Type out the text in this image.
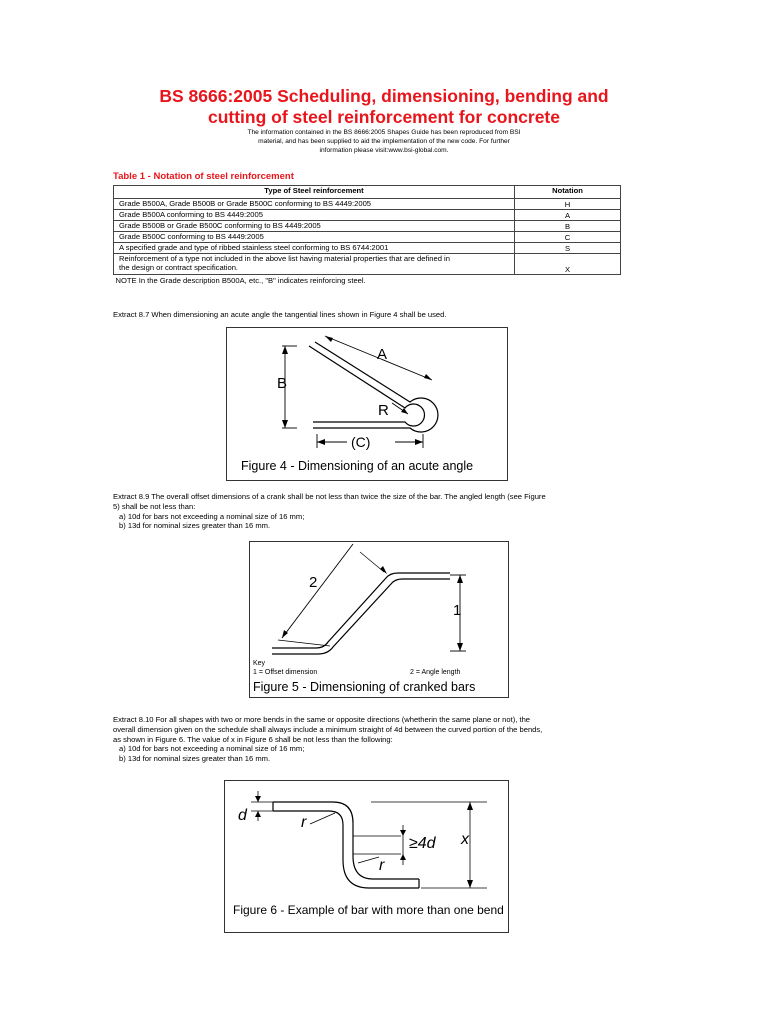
BS 8666:2005 Scheduling, dimensioning, bending and
cutting of steel reinforcement for concrete
The information contained in the BS 8666:2005 Shapes Guide has been reproduced from BSI
material, and has been supplied to aid the implementation of the new code. For further
information please visit:www.bsi-global.com.
Table 1 - Notation of steel reinforcement
Type of Steel reinforcement	Notation
Grade B500A, Grade B500B or Grade B500C conforming to BS 4449:2005	H
Grade B500A conforming to BS 4449:2005	A
Grade B500B or Grade B500C conforming to BS 4449:2005	B
Grade B500C conforming to BS 4449:2005	C
A specified grade and type of ribbed stainless steel conforming to BS 6744:2001	S

Reinforcement of a type not included in the above list having material properties that are defined in
the design or contract specification.	X
NOTE In the Grade description B500A, etc., "B" indicates reinforcing steel.	
Extract 8.7 When dimensioning an acute angle the tangential lines shown in Figure 4 shall be used.
A
B
R
(C)
Figure 4 - Dimensioning of an acute angle
Extract 8.9 The overall offset dimensions of a crank shall be not less than twice the size of the bar. The angled length (see Figure
5) shall be not less than:
a) 10d for bars not exceeding a nominal size of 16 mm;
b) 13d for nominal sizes greater than 16 mm.
2
1
Key
1 = Offset dimension	2 = Angle length
Figure 5 - Dimensioning of cranked bars
Extract 8.10 For all shapes with two or more bends in the same or opposite directions (whetherin the same plane or not), the
overall dimension given on the schedule shall always include a minimum straight of 4d between the curved portion of the bends,
as shown in Figure 6. The value of x in Figure 6 shall be not less than the following:
a) 10d for bars not exceeding a nominal size of 16 mm;
b) 13d for nominal sizes greater than 16 mm.
d	r
≥4d x
r
Figure 6 - Example of bar with more than one bend
